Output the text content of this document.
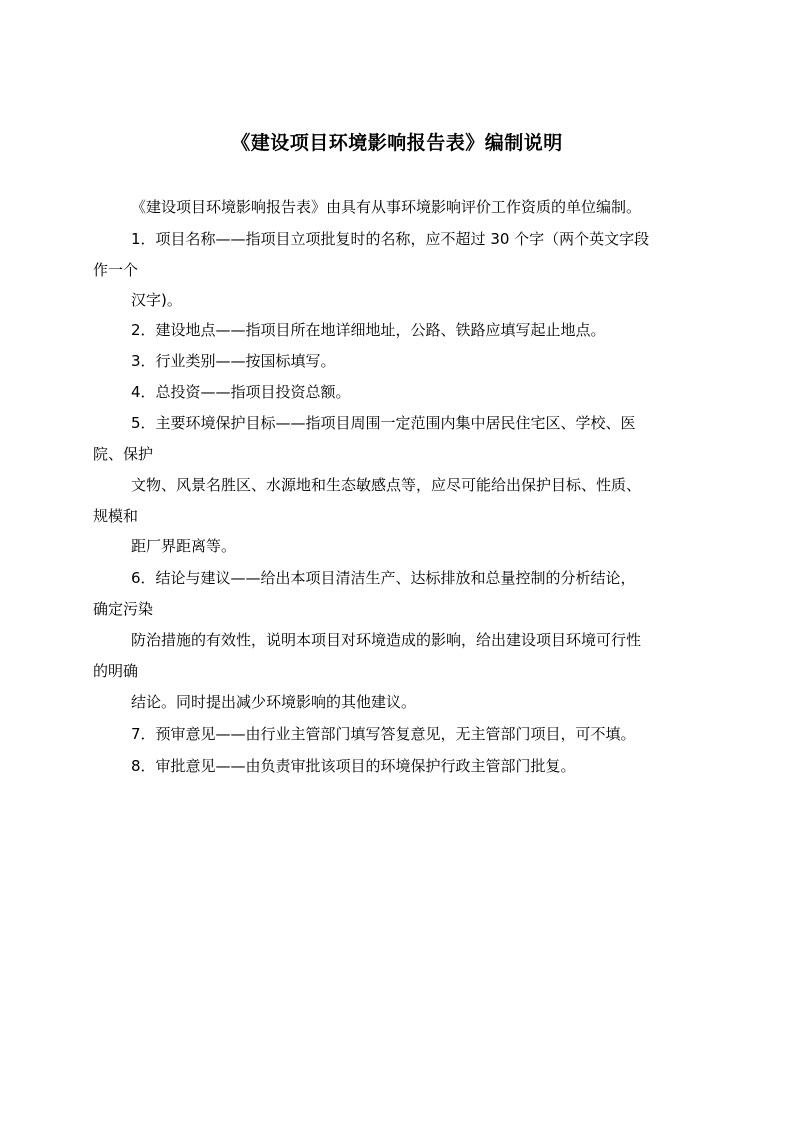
《建设项目环境影响报告表》编制说明
《建设项目环境影响报告表》由具有从事环境影响评价工作资质的单位编制。
1．项目名称——指项目立项批复时的名称，应不超过 30 个字（两个英文字段
作一个
汉字)。
2．建设地点——指项目所在地详细地址，公路、铁路应填写起止地点。
3．行业类别——按国标填写。
4．总投资——指项目投资总额。
5．主要环境保护目标——指项目周围一定范围内集中居民住宅区、学校、医
院、保护
文物、风景名胜区、水源地和生态敏感点等，应尽可能给出保护目标、性质、
规模和
距厂界距离等。
6．结论与建议——给出本项目清洁生产、达标排放和总量控制的分析结论，
确定污染
防治措施的有效性，说明本项目对环境造成的影响，给出建设项目环境可行性
的明确
结论。同时提出减少环境影响的其他建议。
7．预审意见——由行业主管部门填写答复意见，无主管部门项目，可不填。
8．审批意见——由负责审批该项目的环境保护行政主管部门批复。
